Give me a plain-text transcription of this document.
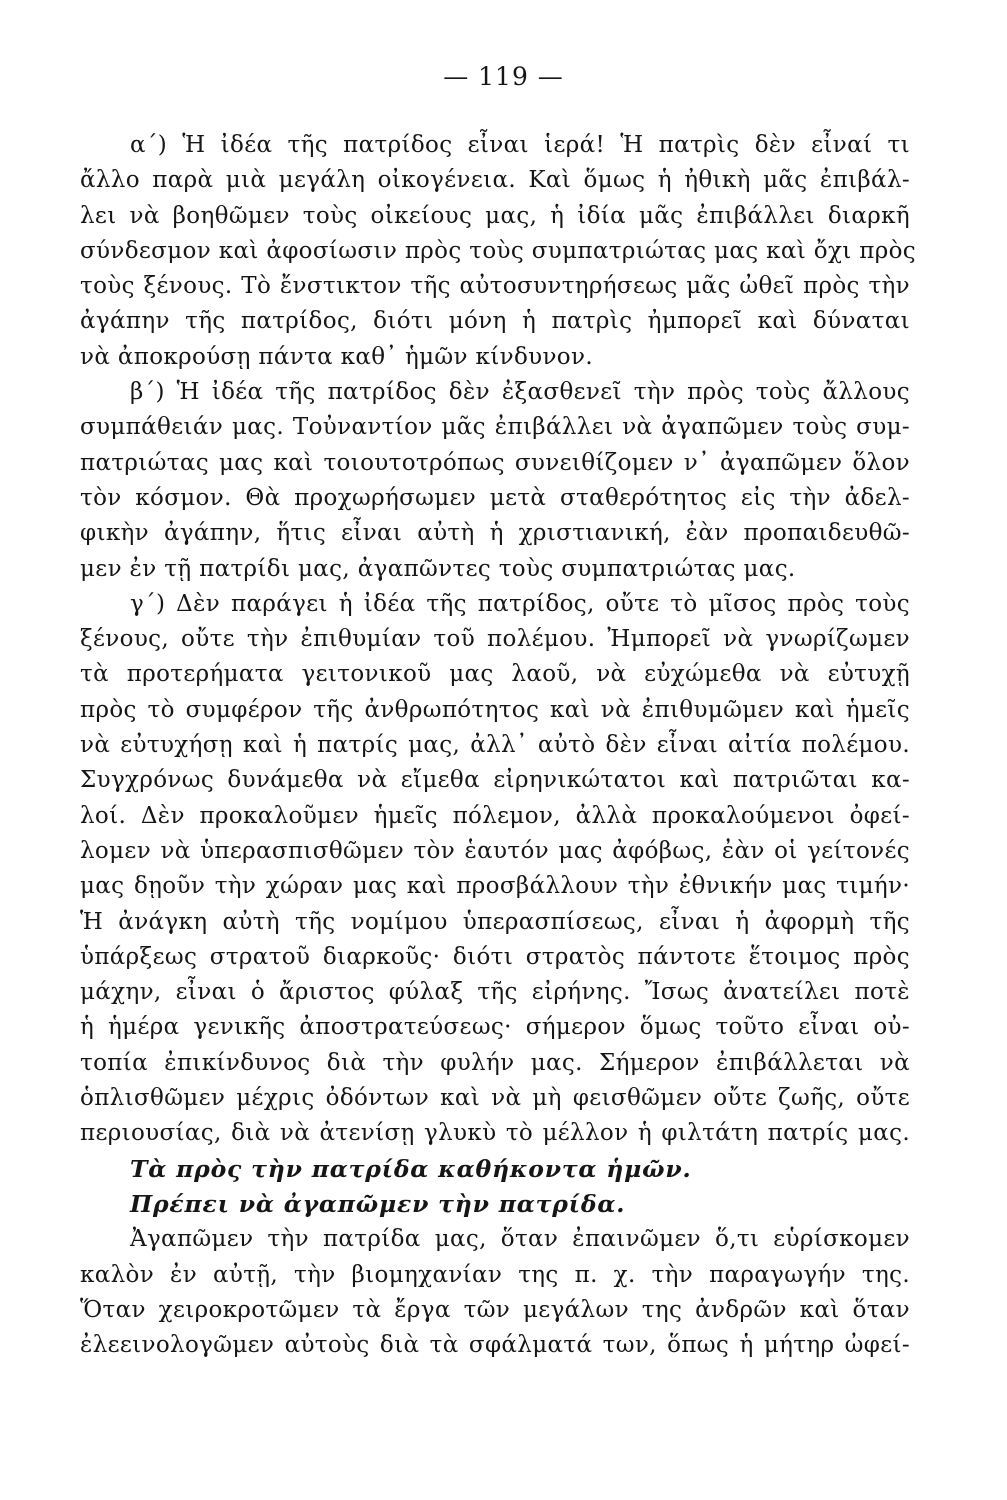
— 119 —
α΄) Ἡ ἰδέα τῆς πατρίδος εἶναι ἱερά! Ἡ πατρὶς δὲν εἶναί τι
ἄλλο παρὰ μιὰ μεγάλη οἰκογένεια. Καὶ ὅμως ἡ ἠθικὴ μᾶς ἐπιβάλ-
λει νὰ βοηθῶμεν τοὺς οἰκείους μας, ἡ ἰδία μᾶς ἐπιβάλλει διαρκῆ
σύνδεσμον καὶ ἀφοσίωσιν πρὸς τοὺς συμπατριώτας μας καὶ ὄχι πρὸς
τοὺς ξένους. Τὸ ἔνστικτον τῆς αὐτοσυντηρήσεως μᾶς ὠθεῖ πρὸς τὴν
ἀγάπην τῆς πατρίδος, διότι μόνη ἡ πατρὶς ἠμπορεῖ καὶ δύναται
νὰ ἀποκρούσῃ πάντα καθ᾽ ἡμῶν κίνδυνον.
β΄) Ἡ ἰδέα τῆς πατρίδος δὲν ἐξασθενεῖ τὴν πρὸς τοὺς ἄλλους
συμπάθειάν μας. Τοὐναντίον μᾶς ἐπιβάλλει νὰ ἀγαπῶμεν τοὺς συμ-
πατριώτας μας καὶ τοιουτοτρόπως συνειθίζομεν ν᾽ ἀγαπῶμεν ὅλον
τὸν κόσμον. Θὰ προχωρήσωμεν μετὰ σταθερότητος εἰς τὴν ἀδελ-
φικὴν ἀγάπην, ἥτις εἶναι αὐτὴ ἡ χριστιανική, ἐὰν προπαιδευθῶ-
μεν ἐν τῇ πατρίδι μας, ἀγαπῶντες τοὺς συμπατριώτας μας.
γ΄) Δὲν παράγει ἡ ἰδέα τῆς πατρίδος, οὔτε τὸ μῖσος πρὸς τοὺς
ξένους, οὔτε τὴν ἐπιθυμίαν τοῦ πολέμου. Ἠμπορεῖ νὰ γνωρίζωμεν
τὰ προτερήματα γειτονικοῦ μας λαοῦ, νὰ εὐχώμεθα νὰ εὐτυχῇ
πρὸς τὸ συμφέρον τῆς ἀνθρωπότητος καὶ νὰ ἐπιθυμῶμεν καὶ ἡμεῖς
νὰ εὐτυχήσῃ καὶ ἡ πατρίς μας, ἀλλ᾽ αὐτὸ δὲν εἶναι αἰτία πολέμου.
Συγχρόνως δυνάμεθα νὰ εἴμεθα εἰρηνικώτατοι καὶ πατριῶται κα-
λοί. Δὲν προκαλοῦμεν ἡμεῖς πόλεμον, ἀλλὰ προκαλούμενοι ὀφεί-
λομεν νὰ ὑπερασπισθῶμεν τὸν ἑαυτόν μας ἀφόβως, ἐὰν οἱ γείτονές
μας δῃοῦν τὴν χώραν μας καὶ προσβάλλουν τὴν ἐθνικήν μας τιμήν·
Ἡ ἀνάγκη αὐτὴ τῆς νομίμου ὑπερασπίσεως, εἶναι ἡ ἀφορμὴ τῆς
ὑπάρξεως στρατοῦ διαρκοῦς· διότι στρατὸς πάντοτε ἕτοιμος πρὸς
μάχην, εἶναι ὁ ἄριστος φύλαξ τῆς εἰρήνης. Ἴσως ἀνατείλει ποτὲ
ἡ ἡμέρα γενικῆς ἀποστρατεύσεως· σήμερον ὅμως τοῦτο εἶναι οὐ-
τοπία ἐπικίνδυνος διὰ τὴν φυλήν μας. Σήμερον ἐπιβάλλεται νὰ
ὁπλισθῶμεν μέχρις ὀδόντων καὶ νὰ μὴ φεισθῶμεν οὔτε ζωῆς, οὔτε
περιουσίας, διὰ νὰ ἀτενίσῃ γλυκὺ τὸ μέλλον ἡ φιλτάτη πατρίς μας.
Τὰ πρὸς τὴν πατρίδα καθήκοντα ἡμῶν.
Πρέπει νὰ ἀγαπῶμεν τὴν πατρίδα.
Ἀγαπῶμεν τὴν πατρίδα μας, ὅταν ἐπαινῶμεν ὅ,τι εὑρίσκομεν
καλὸν ἐν αὐτῇ, τὴν βιομηχανίαν της π. χ. τὴν παραγωγήν της.
Ὅταν χειροκροτῶμεν τὰ ἔργα τῶν μεγάλων της ἀνδρῶν καὶ ὅταν
ἐλεεινολογῶμεν αὐτοὺς διὰ τὰ σφάλματά των, ὅπως ἡ μήτηρ ὠφεί-
